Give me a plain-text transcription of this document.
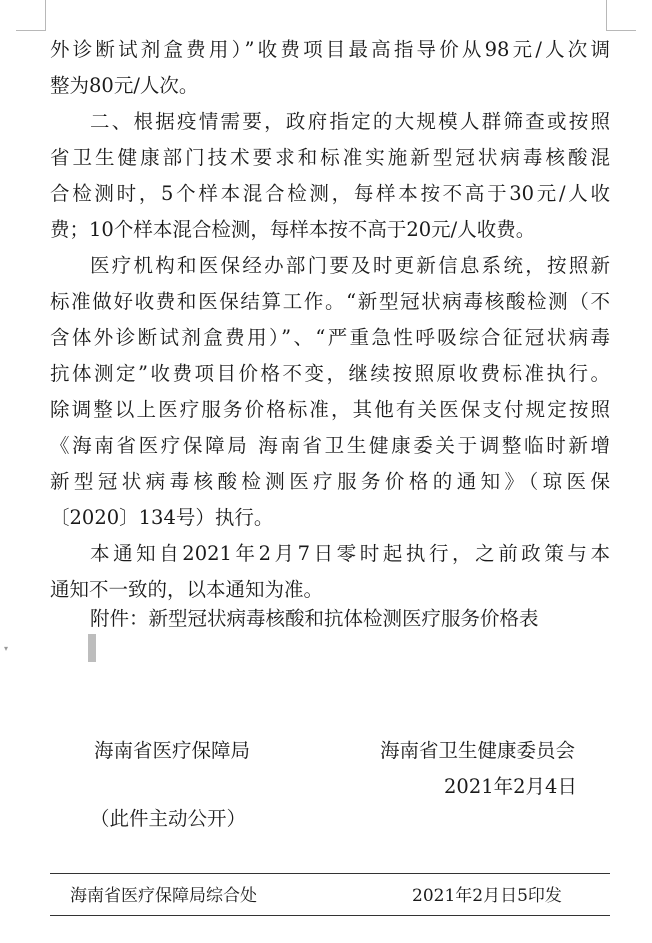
外诊断试剂盒费用）”收费项目最高指导价从98元/人次调
整为80元/人次。
二、根据疫情需要，政府指定的大规模人群筛查或按照
省卫生健康部门技术要求和标准实施新型冠状病毒核酸混
合检测时，5个样本混合检测，每样本按不高于30元/人收
费；10个样本混合检测，每样本按不高于20元/人收费。
医疗机构和医保经办部门要及时更新信息系统，按照新
标准做好收费和医保结算工作。“新型冠状病毒核酸检测（不
含体外诊断试剂盒费用）”、“严重急性呼吸综合征冠状病毒
抗体测定”收费项目价格不变，继续按照原收费标准执行。
除调整以上医疗服务价格标准，其他有关医保支付规定按照
《海南省医疗保障局 海南省卫生健康委关于调整临时新增
新型冠状病毒核酸检测医疗服务价格的通知》（琼医保
〔2020〕134号）执行。
本通知自2021年2月7日零时起执行，之前政策与本
通知不一致的，以本通知为准。
附件：新型冠状病毒核酸和抗体检测医疗服务价格表
▾
海南省医疗保障局	海南省卫生健康委员会
2021年2月4日
（此件主动公开）
海南省医疗保障局综合处	2021年2月日5印发
